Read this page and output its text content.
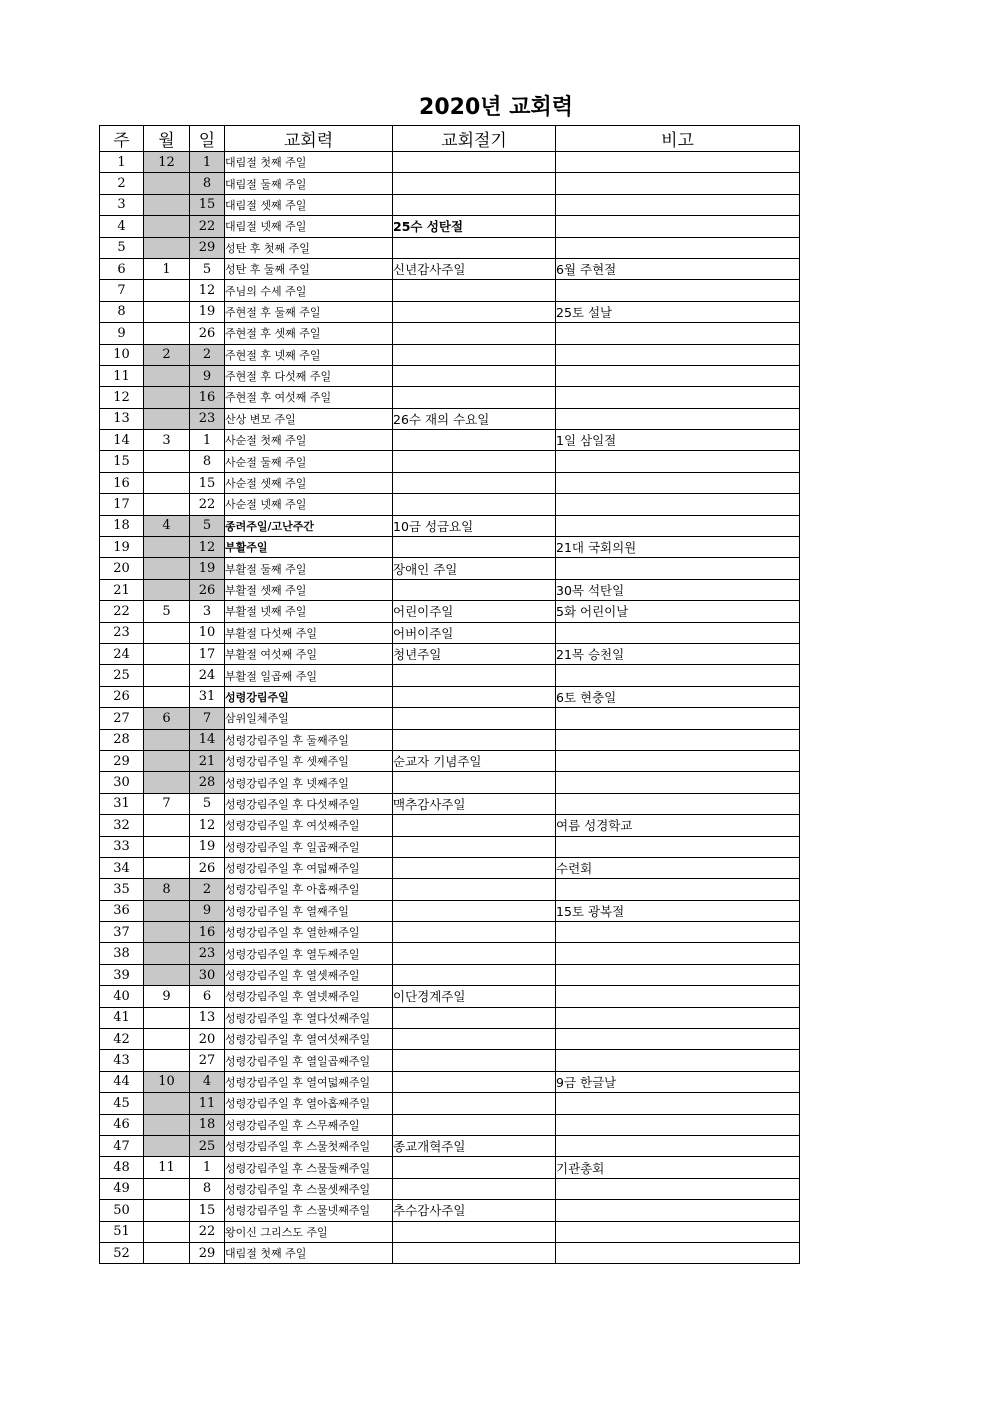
2020년 교회력
주	월	일	교회력	교회절기	비고
1	12	1	대림절 첫째 주일		
2		8	대림절 둘째 주일		
3		15	대림절 셋째 주일		
4		22	대림절 넷째 주일	25수 성탄절	
5		29	성탄 후 첫째 주일		
6	1	5	성탄 후 둘째 주일	신년감사주일	6월 주현절
7		12	주님의 수세 주일		
8		19	주현절 후 둘째 주일		25토 설날
9		26	주현절 후 셋째 주일		
10	2	2	주현절 후 넷째 주일		
11		9	주현절 후 다섯째 주일		
12		16	주현절 후 여섯째 주일		
13		23	산상 변모 주일	26수 재의 수요일	
14	3	1	사순절 첫째 주일		1일 삼일절
15		8	사순절 둘째 주일		
16		15	사순절 셋째 주일		
17		22	사순절 넷째 주일		
18	4	5	종려주일/고난주간	10금 성금요일	
19		12	부활주일		21대 국회의원
20		19	부활절 둘째 주일	장애인 주일	
21		26	부활절 셋째 주일		30목 석탄일
22	5	3	부활절 넷째 주일	어린이주일	5화 어린이날
23		10	부활절 다섯째 주일	어버이주일	
24		17	부활절 여섯째 주일	청년주일	21목 승천일
25		24	부활절 일곱째 주일		
26		31	성령강림주일		6토 현충일
27	6	7	삼위일체주일		
28		14	성령강림주일 후 둘째주일		
29		21	성령강림주일 후 셋째주일	순교자 기념주일	
30		28	성령강림주일 후 넷째주일		
31	7	5	성령강림주일 후 다섯째주일	맥추감사주일	
32		12	성령강림주일 후 여섯째주일		여름 성경학교
33		19	성령강림주일 후 일곱째주일		
34		26	성령강림주일 후 여덟째주일		수련회
35	8	2	성령강림주일 후 아홉째주일		
36		9	성령강림주일 후 열째주일		15토 광복절
37		16	성령강림주일 후 열한째주일		
38		23	성령강림주일 후 열두째주일		
39		30	성령강림주일 후 열셋째주일		
40	9	6	성령강림주일 후 열넷째주일	이단경계주일	
41		13	성령강림주일 후 열다섯째주일		
42		20	성령강림주일 후 열여섯째주일		
43		27	성령강림주일 후 열일곱째주일		
44	10	4	성령강림주일 후 열여덟째주일		9금 한글날
45		11	성령강림주일 후 열아홉째주일		
46		18	성령강림주일 후 스무째주일		
47		25	성령강림주일 후 스물첫째주일	종교개혁주일	
48	11	1	성령강림주일 후 스물둘째주일		기관총회
49		8	성령강림주일 후 스물셋째주일		
50		15	성령강림주일 후 스물넷째주일	추수감사주일	
51		22	왕이신 그리스도 주일		
52		29	대림절 첫째 주일		
